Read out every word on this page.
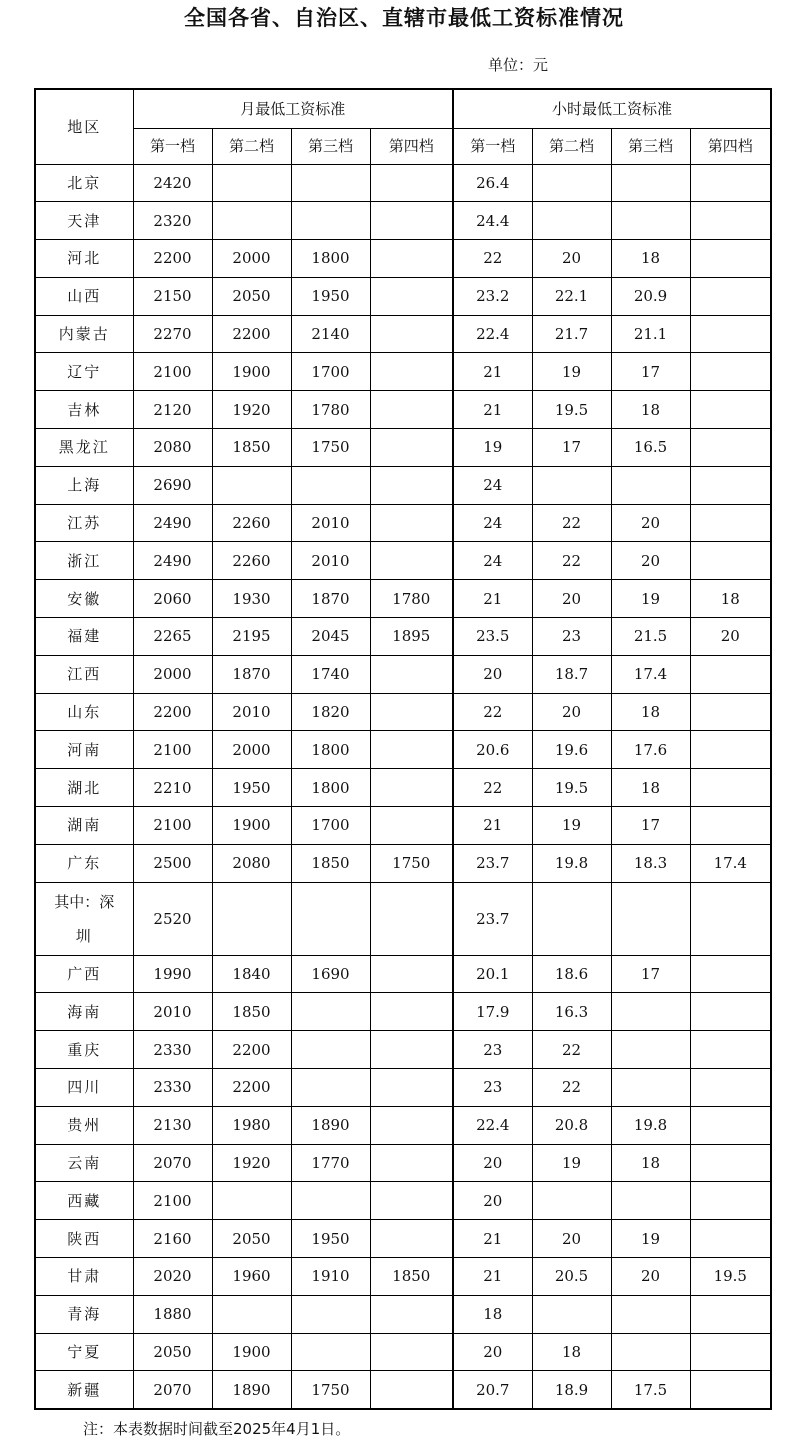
全国各省、自治区、直辖市最低工资标准情况
单位：元
地区	月最低工资标准				小时最低工资标准			
	第一档	第二档	第三档	第四档	第一档	第二档	第三档	第四档
北京	2420				26.4			
天津	2320				24.4			
河北	2200	2000	1800		22	20	18	
山西	2150	2050	1950		23.2	22.1	20.9	
内蒙古	2270	2200	2140		22.4	21.7	21.1	
辽宁	2100	1900	1700		21	19	17	
吉林	2120	1920	1780		21	19.5	18	
黑龙江	2080	1850	1750		19	17	16.5	
上海	2690				24			
江苏	2490	2260	2010		24	22	20	
浙江	2490	2260	2010		24	22	20	
安徽	2060	1930	1870	1780	21	20	19	18
福建	2265	2195	2045	1895	23.5	23	21.5	20
江西	2000	1870	1740		20	18.7	17.4	
山东	2200	2010	1820		22	20	18	
河南	2100	2000	1800		20.6	19.6	17.6	
湖北	2210	1950	1800		22	19.5	18	
湖南	2100	1900	1700		21	19	17	
广东	2500	2080	1850	1750	23.7	19.8	18.3	17.4

其中：深
圳	2520				23.7			
广西	1990	1840	1690		20.1	18.6	17	
海南	2010	1850			17.9	16.3		
重庆	2330	2200			23	22		
四川	2330	2200			23	22		
贵州	2130	1980	1890		22.4	20.8	19.8	
云南	2070	1920	1770		20	19	18	
西藏	2100				20			
陕西	2160	2050	1950		21	20	19	
甘肃	2020	1960	1910	1850	21	20.5	20	19.5
青海	1880				18			
宁夏	2050	1900			20	18		
新疆	2070	1890	1750		20.7	18.9	17.5	
注：本表数据时间截至2025年4月1日。
